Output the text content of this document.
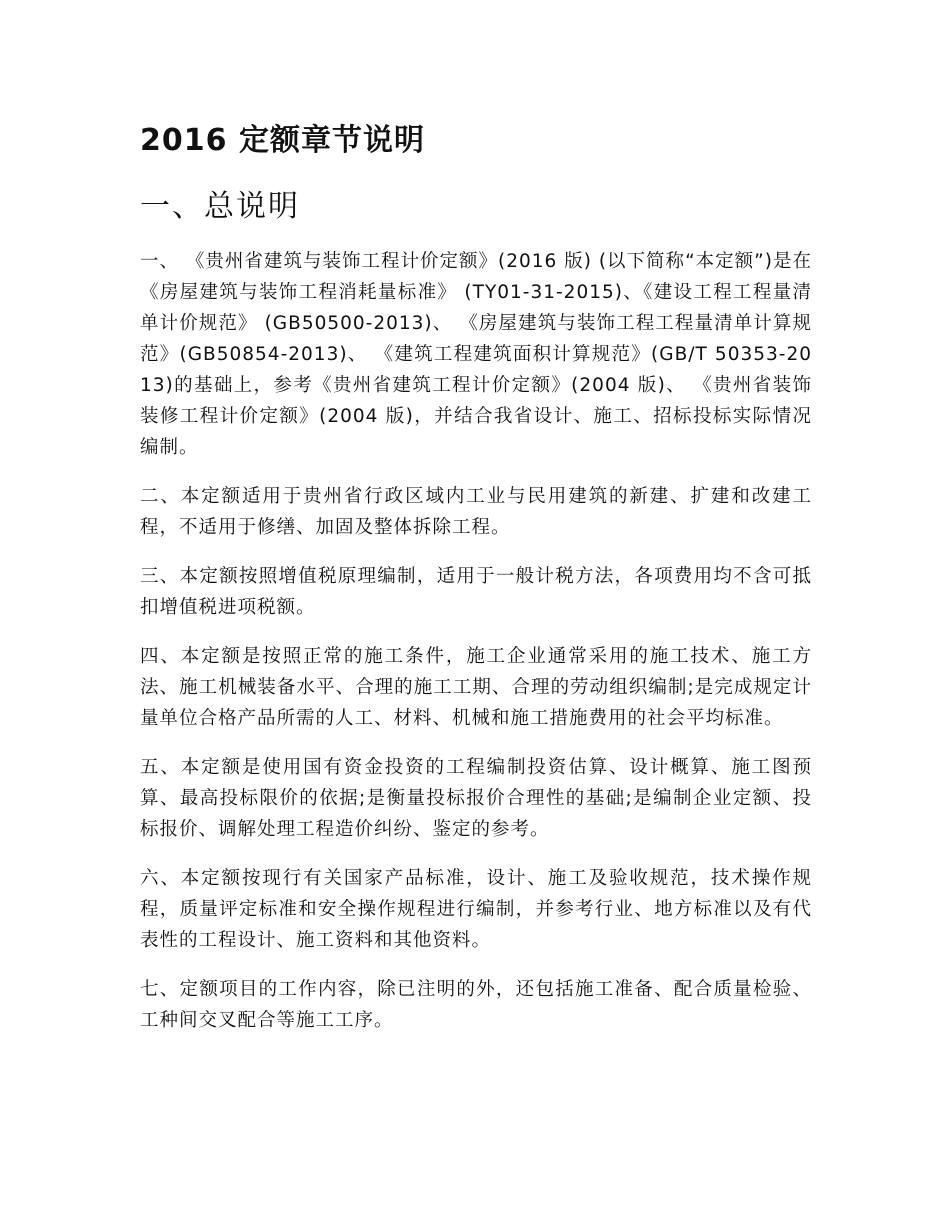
2016 定额章节说明
一、总说明

一、 《贵州省建筑与装饰工程计价定额》(2016 版) (以下简称“本定额”)是在《房屋建筑与装饰工程消耗量标准》 (TY01-31-2015)、《建设工程工程量清单计价规范》 (GB50500-2013)、 《房屋建筑与装饰工程工程量清单计算规范》(GB50854-2013)、 《建筑工程建筑面积计算规范》(GB/T 50353-2013)的基础上，参考《贵州省建筑工程计价定额》(2004 版)、 《贵州省装饰装修工程计价定额》(2004 版)，并结合我省设计、施工、招标投标实际情况编制。

二、本定额适用于贵州省行政区域内工业与民用建筑的新建、扩建和改建工程，不适用于修缮、加固及整体拆除工程。

三、本定额按照增值税原理编制，适用于一般计税方法，各项费用均不含可抵扣增值税进项税额。

四、本定额是按照正常的施工条件，施工企业通常采用的施工技术、施工方法、施工机械装备水平、合理的施工工期、合理的劳动组织编制;是完成规定计量单位合格产品所需的人工、材料、机械和施工措施费用的社会平均标准。

五、本定额是使用国有资金投资的工程编制投资估算、设计概算、施工图预算、最高投标限价的依据;是衡量投标报价合理性的基础;是编制企业定额、投标报价、调解处理工程造价纠纷、鉴定的参考。

六、本定额按现行有关国家产品标准，设计、施工及验收规范，技术操作规程，质量评定标准和安全操作规程进行编制，并参考行业、地方标准以及有代表性的工程设计、施工资料和其他资料。

七、定额项目的工作内容，除已注明的外，还包括施工准备、配合质量检验、工种间交叉配合等施工工序。
